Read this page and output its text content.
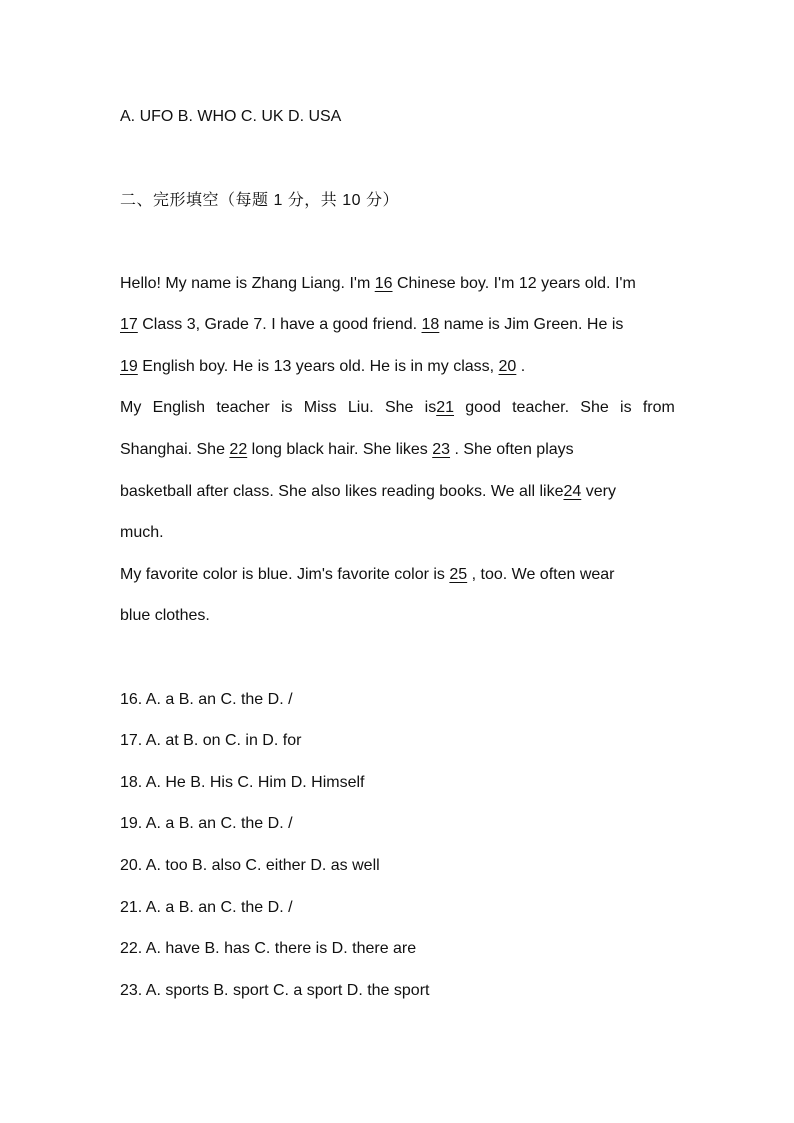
A. UFO B. WHO C. UK D. USA
二、完形填空（每题 1 分，共 10 分）
Hello! My name is Zhang Liang. I'm 16 Chinese boy. I'm 12 years old. I'm
17 Class 3, Grade 7. I have a good friend. 18 name is Jim Green. He is
19 English boy. He is 13 years old. He is in my class, 20 .
My English teacher is Miss Liu. She is21 good teacher. She is from
Shanghai. She 22 long black hair. She likes 23 . She often plays
basketball after class. She also likes reading books. We all like24 very
much.
My favorite color is blue. Jim's favorite color is 25 , too. We often wear
blue clothes.
16. A. a B. an C. the D. /
17. A. at B. on C. in D. for
18. A. He B. His C. Him D. Himself
19. A. a B. an C. the D. /
20. A. too B. also C. either D. as well
21. A. a B. an C. the D. /
22. A. have B. has C. there is D. there are
23. A. sports B. sport C. a sport D. the sport
